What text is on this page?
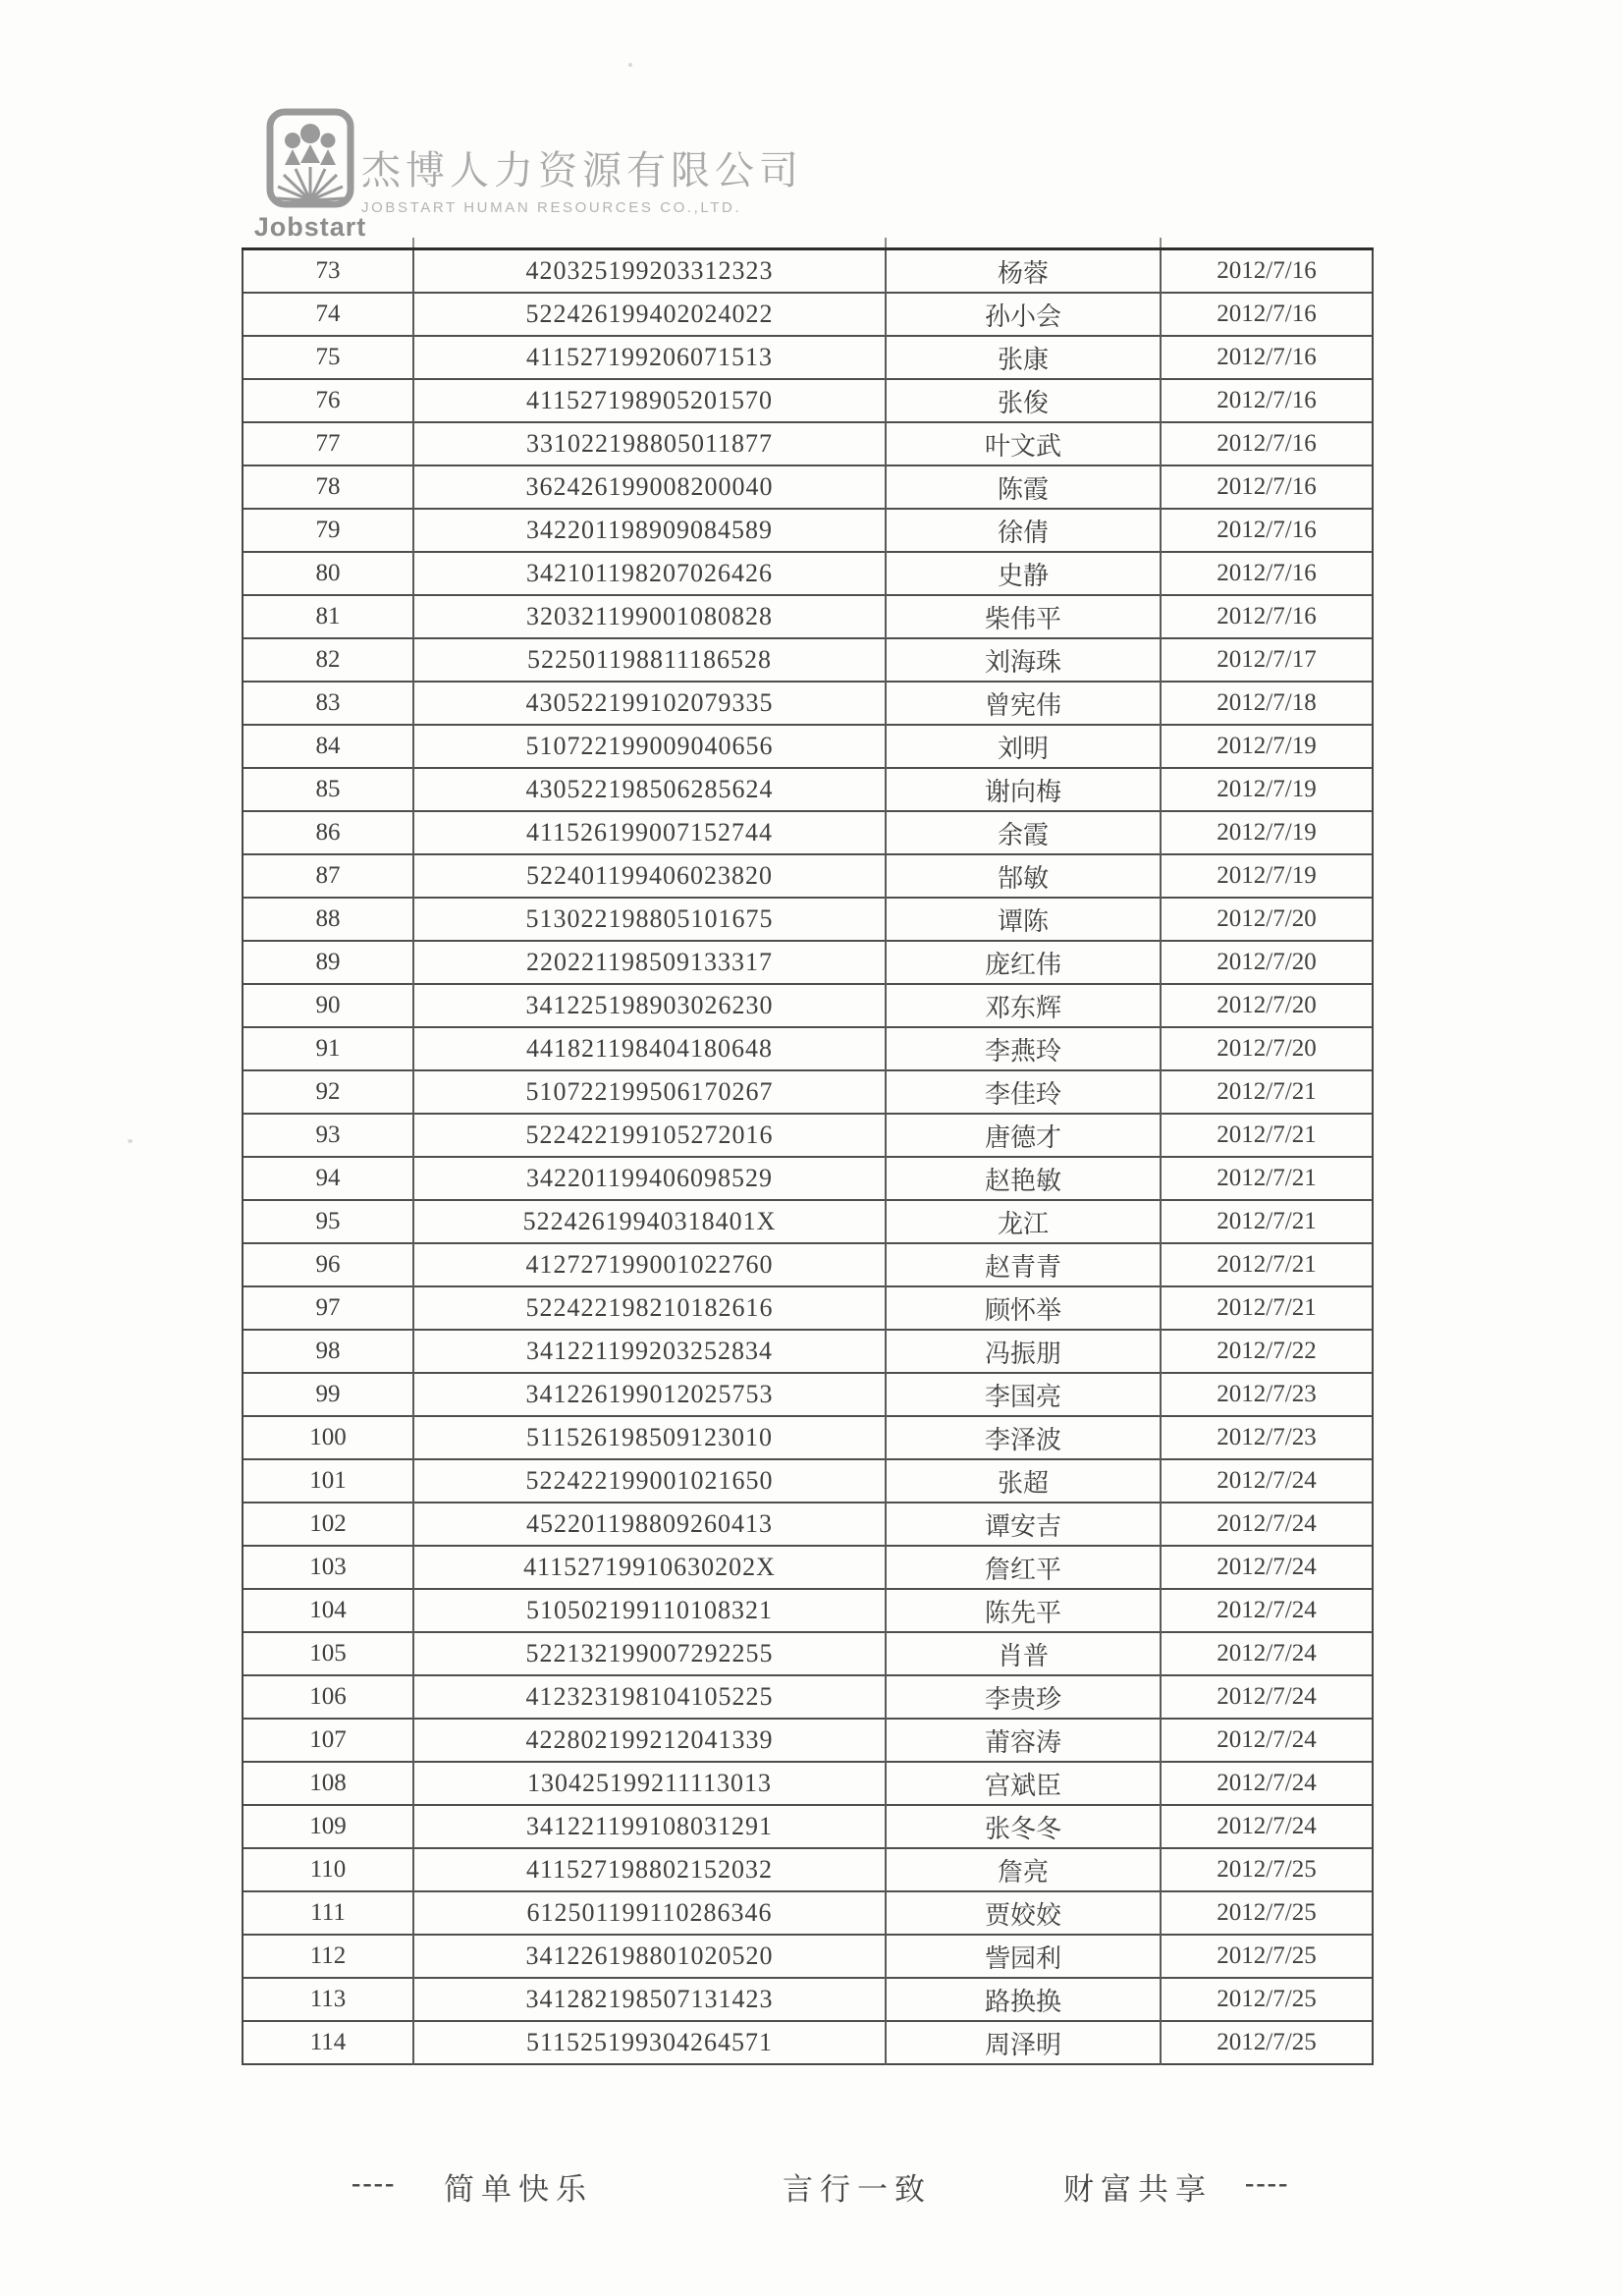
Jobstart
杰博人力资源有限公司
JOBSTART HUMAN RESOURCES CO.,LTD.
73	420325199203312323	杨蓉	2012/7/16
74	522426199402024022	孙小会	2012/7/16
75	411527199206071513	张康	2012/7/16
76	411527198905201570	张俊	2012/7/16
77	331022198805011877	叶文武	2012/7/16
78	362426199008200040	陈霞	2012/7/16
79	342201198909084589	徐倩	2012/7/16
80	342101198207026426	史静	2012/7/16
81	320321199001080828	柴伟平	2012/7/16
82	522501198811186528	刘海珠	2012/7/17
83	430522199102079335	曾宪伟	2012/7/18
84	510722199009040656	刘明	2012/7/19
85	430522198506285624	谢向梅	2012/7/19
86	411526199007152744	余霞	2012/7/19
87	522401199406023820	郜敏	2012/7/19
88	513022198805101675	谭陈	2012/7/20
89	220221198509133317	庞红伟	2012/7/20
90	341225198903026230	邓东辉	2012/7/20
91	441821198404180648	李燕玲	2012/7/20
92	510722199506170267	李佳玲	2012/7/21
93	522422199105272016	唐德才	2012/7/21
94	342201199406098529	赵艳敏	2012/7/21
95	52242619940318401X	龙江	2012/7/21
96	412727199001022760	赵青青	2012/7/21
97	522422198210182616	顾怀举	2012/7/21
98	341221199203252834	冯振朋	2012/7/22
99	341226199012025753	李国亮	2012/7/23
100	511526198509123010	李泽波	2012/7/23
101	522422199001021650	张超	2012/7/24
102	452201198809260413	谭安吉	2012/7/24
103	41152719910630202X	詹红平	2012/7/24
104	510502199110108321	陈先平	2012/7/24
105	522132199007292255	肖普	2012/7/24
106	412323198104105225	李贵珍	2012/7/24
107	422802199212041339	莆容涛	2012/7/24
108	130425199211113013	宫斌臣	2012/7/24
109	341221199108031291	张冬冬	2012/7/24
110	411527198802152032	詹亮	2012/7/25
111	612501199110286346	贾姣姣	2012/7/25
112	341226198801020520	訾园利	2012/7/25
113	341282198507131423	路换换	2012/7/25
114	511525199304264571	周泽明	2012/7/25
---- 简单快乐	言行一致	财富共享 ----
